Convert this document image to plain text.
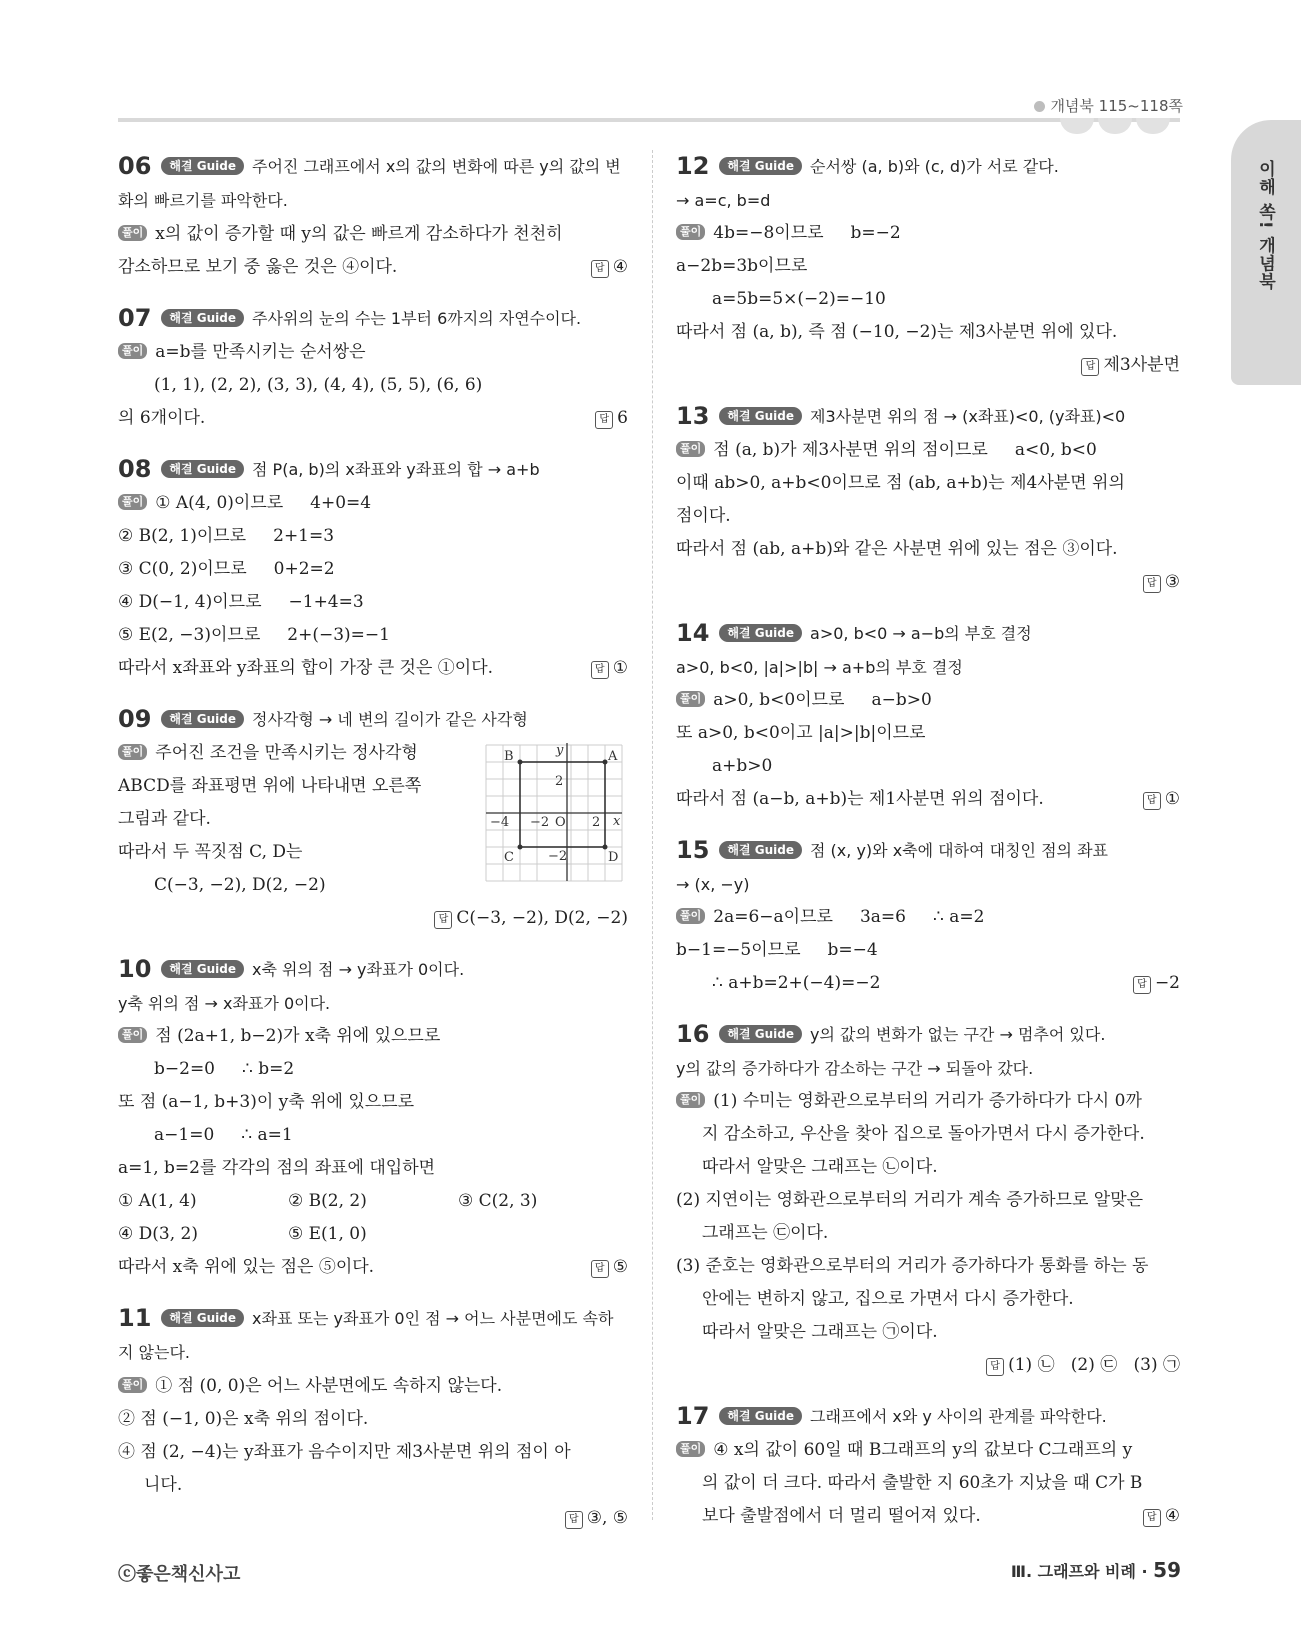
개념북 115~118쪽
이해 쏙! 개념북
06 해결 Guide 주어진 그래프에서 x의 값의 변화에 따른 y의 값의 변화의 빠르기를 파악한다.
풀이 x의 값이 증가할 때 y의 값은 빠르게 감소하다가 천천히
감소하므로 보기 중 옳은 것은 ④이다.	답 ④
07 해결 Guide 주사위의 눈의 수는 1부터 6까지의 자연수이다.
풀이 a=b를 만족시키는 순서쌍은
(1, 1), (2, 2), (3, 3), (4, 4), (5, 5), (6, 6)
의 6개이다.	답 6
08 해결 Guide 점 P(a, b)의 x좌표와 y좌표의 합 → a+b
풀이 ① A(4, 0)이므로     4+0=4
② B(2, 1)이므로     2+1=3
③ C(0, 2)이므로     0+2=2
④ D(−1, 4)이므로     −1+4=3
⑤ E(2, −3)이므로     2+(−3)=−1
따라서 x좌표와 y좌표의 합이 가장 큰 것은 ①이다.	답 ①
09 해결 Guide 정사각형 → 네 변의 길이가 같은 사각형
풀이 주어진 조건을 만족시키는 정사각형
ABCD를 좌표평면 위에 나타내면 오른쪽
그림과 같다.
따라서 두 꼭짓점 C, D는
C(−3, −2), D(2, −2)
답 C(−3, −2), D(2, −2)
A
B
C	D
O	x
y
2
−2
−4
2
−2
10 해결 Guide x축 위의 점 → y좌표가 0이다.
y축 위의 점 → x좌표가 0이다.
풀이 점 (2a+1, b−2)가 x축 위에 있으므로
b−2=0     ∴ b=2
또 점 (a−1, b+3)이 y축 위에 있으므로
a−1=0     ∴ a=1
a=1, b=2를 각각의 점의 좌표에 대입하면
① A(1, 4)	② B(2, 2)	③ C(2, 3)
④ D(3, 2)	⑤ E(1, 0)
따라서 x축 위에 있는 점은 ⑤이다.	답 ⑤
11 해결 Guide x좌표 또는 y좌표가 0인 점 → 어느 사분면에도 속하지 않는다.
풀이 ① 점 (0, 0)은 어느 사분면에도 속하지 않는다.
② 점 (−1, 0)은 x축 위의 점이다.
④ 점 (2, −4)는 y좌표가 음수이지만 제3사분면 위의 점이 아
니다.
답 ③, ⑤
12 해결 Guide 순서쌍 (a, b)와 (c, d)가 서로 같다.
→ a=c, b=d
풀이 4b=−8이므로     b=−2
a−2b=3b이므로
a=5b=5×(−2)=−10
따라서 점 (a, b), 즉 점 (−10, −2)는 제3사분면 위에 있다.
답 제3사분면
13 해결 Guide 제3사분면 위의 점 → (x좌표)<0, (y좌표)<0
풀이 점 (a, b)가 제3사분면 위의 점이므로     a<0, b<0
이때 ab>0, a+b<0이므로 점 (ab, a+b)는 제4사분면 위의
점이다.
따라서 점 (ab, a+b)와 같은 사분면 위에 있는 점은 ③이다.
답 ③
14 해결 Guide a>0, b<0 → a−b의 부호 결정
a>0, b<0, |a|>|b| → a+b의 부호 결정
풀이 a>0, b<0이므로     a−b>0
또 a>0, b<0이고 |a|>|b|이므로
a+b>0
따라서 점 (a−b, a+b)는 제1사분면 위의 점이다.	답 ①
15 해결 Guide 점 (x, y)와 x축에 대하여 대칭인 점의 좌표
→ (x, −y)
풀이 2a=6−a이므로     3a=6     ∴ a=2
b−1=−5이므로     b=−4
∴ a+b=2+(−4)=−2	답 −2
16 해결 Guide y의 값의 변화가 없는 구간 → 멈추어 있다.
y의 값의 증가하다가 감소하는 구간 → 되돌아 갔다.
풀이 (1) 수미는 영화관으로부터의 거리가 증가하다가 다시 0까
지 감소하고, 우산을 찾아 집으로 돌아가면서 다시 증가한다.
따라서 알맞은 그래프는 ㉡이다.
(2) 지연이는 영화관으로부터의 거리가 계속 증가하므로 알맞은
그래프는 ㉢이다.
(3) 준호는 영화관으로부터의 거리가 증가하다가 통화를 하는 동
안에는 변하지 않고, 집으로 가면서 다시 증가한다.
따라서 알맞은 그래프는 ㉠이다.
답 (1) ㉡   (2) ㉢   (3) ㉠
17 해결 Guide 그래프에서 x와 y 사이의 관계를 파악한다.
풀이 ④ x의 값이 60일 때 B그래프의 y의 값보다 C그래프의 y
의 값이 더 크다. 따라서 출발한 지 60초가 지났을 때 C가 B
보다 출발점에서 더 멀리 떨어져 있다.	답 ④
ⓒ좋은책신사고	Ⅲ. 그래프와 비례 · 59
